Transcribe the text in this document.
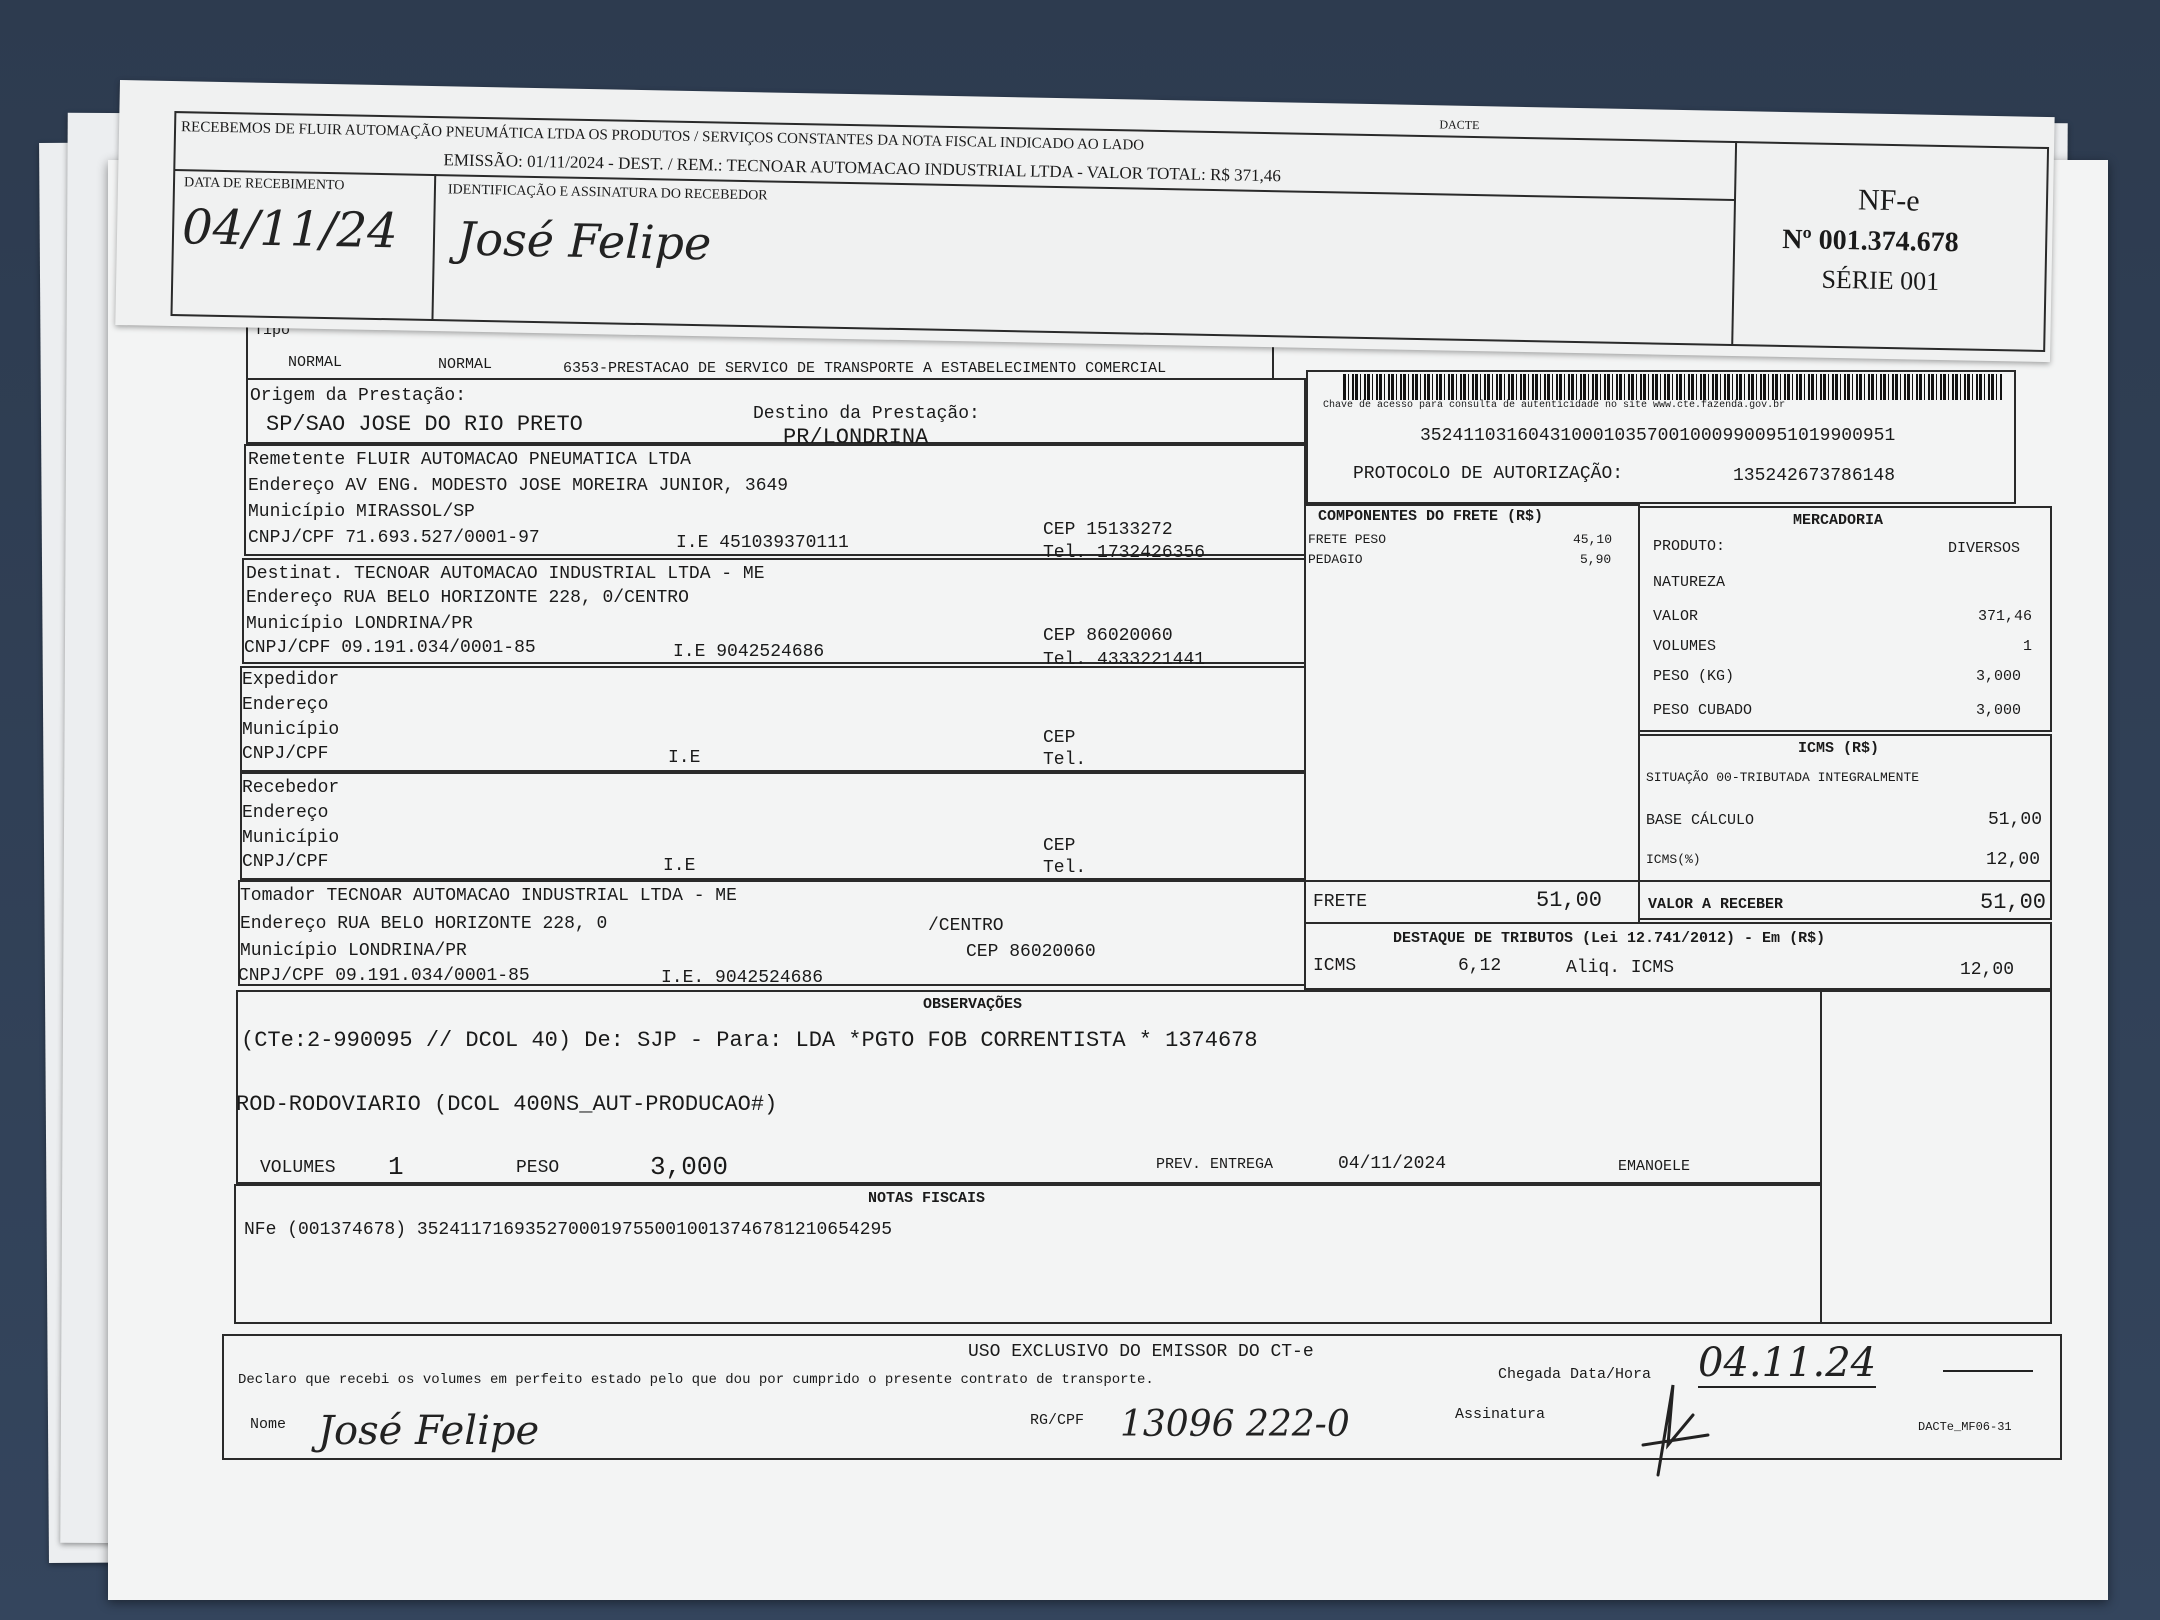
Tipo
NORMAL	NORMAL	6353-PRESTACAO DE SERVICO DE TRANSPORTE A ESTABELECIMENTO COMERCIAL
Origem da Prestação:
SP/SAO JOSE DO RIO PRETO	Destino da Prestação:
PR/LONDRINA
Remetente FLUIR AUTOMACAO PNEUMATICA LTDA
Endereço AV ENG. MODESTO JOSE MOREIRA JUNIOR, 3649
Município MIRASSOL/SP
CNPJ/CPF 71.693.527/0001-97	I.E 451039370111
CEP 15133272
Tel. 1732426356
Destinat. TECNOAR AUTOMACAO INDUSTRIAL LTDA - ME
Endereço RUA BELO HORIZONTE 228, 0/CENTRO
Município LONDRINA/PR
CNPJ/CPF 09.191.034/0001-85	I.E 9042524686
CEP 86020060
Tel. 4333221441
Expedidor
Endereço
Município
CNPJ/CPF	I.E
CEP
Tel.
Recebedor
Endereço
Município
CNPJ/CPF	I.E
CEP
Tel.
Tomador TECNOAR AUTOMACAO INDUSTRIAL LTDA - ME
Endereço RUA BELO HORIZONTE 228, 0	/CENTRO
Município LONDRINA/PR	CEP 86020060
CNPJ/CPF 09.191.034/0001-85	I.E. 9042524686
Chave de acesso para consulta de autenticidade no site www.cte.fazenda.gov.br
35241103160431000103570010009900951019900951
PROTOCOLO DE AUTORIZAÇÃO:	135242673786148
COMPONENTES DO FRETE (R$)
FRETE PESO	45,10
PEDAGIO	5,90
FRETE	51,00
MERCADORIA
PRODUTO:	DIVERSOS
NATUREZA
VALOR	371,46
VOLUMES	1
PESO (KG)	3,000
PESO CUBADO	3,000
ICMS (R$)
SITUAÇÃO 00-TRIBUTADA INTEGRALMENTE
BASE CÁLCULO	51,00
ICMS(%)	12,00
VALOR A RECEBER	51,00
DESTAQUE DE TRIBUTOS (Lei 12.741/2012) - Em (R$)
ICMS	6,12	Aliq. ICMS	12,00
OBSERVAÇÕES
(CTe:2-990095 // DCOL 40) De: SJP - Para: LDA *PGTO FOB CORRENTISTA * 1374678
ROD-RODOVIARIO (DCOL 400NS_AUT-PRODUCAO#)
VOLUMES 1	PESO	3,000	PREV. ENTREGA	04/11/2024	EMANOELE
NOTAS FISCAIS
NFe (001374678) 35241171693527000197550010013746781210654295
USO EXCLUSIVO DO EMISSOR DO CT-e
Declaro que recebi os volumes em perfeito estado pelo que dou por cumprido o presente contrato de transporte.	Chegada Data/Hora 04.11.24
Nome José Felipe	RG/CPF 13096 222-0	Assinatura
DACTe_MF06-31
DACTE
RECEBEMOS DE FLUIR AUTOMAÇÃO PNEUMÁTICA LTDA OS PRODUTOS / SERVIÇOS CONSTANTES DA NOTA FISCAL INDICADO AO LADO
EMISSÃO: 01/11/2024 - DEST. / REM.: TECNOAR AUTOMACAO INDUSTRIAL LTDA - VALOR TOTAL: R$ 371,46
DATA DE RECEBIMENTO
04/11/24
IDENTIFICAÇÃO E ASSINATURA DO RECEBEDOR
José Felipe
NF-e
Nº 001.374.678
SÉRIE 001
